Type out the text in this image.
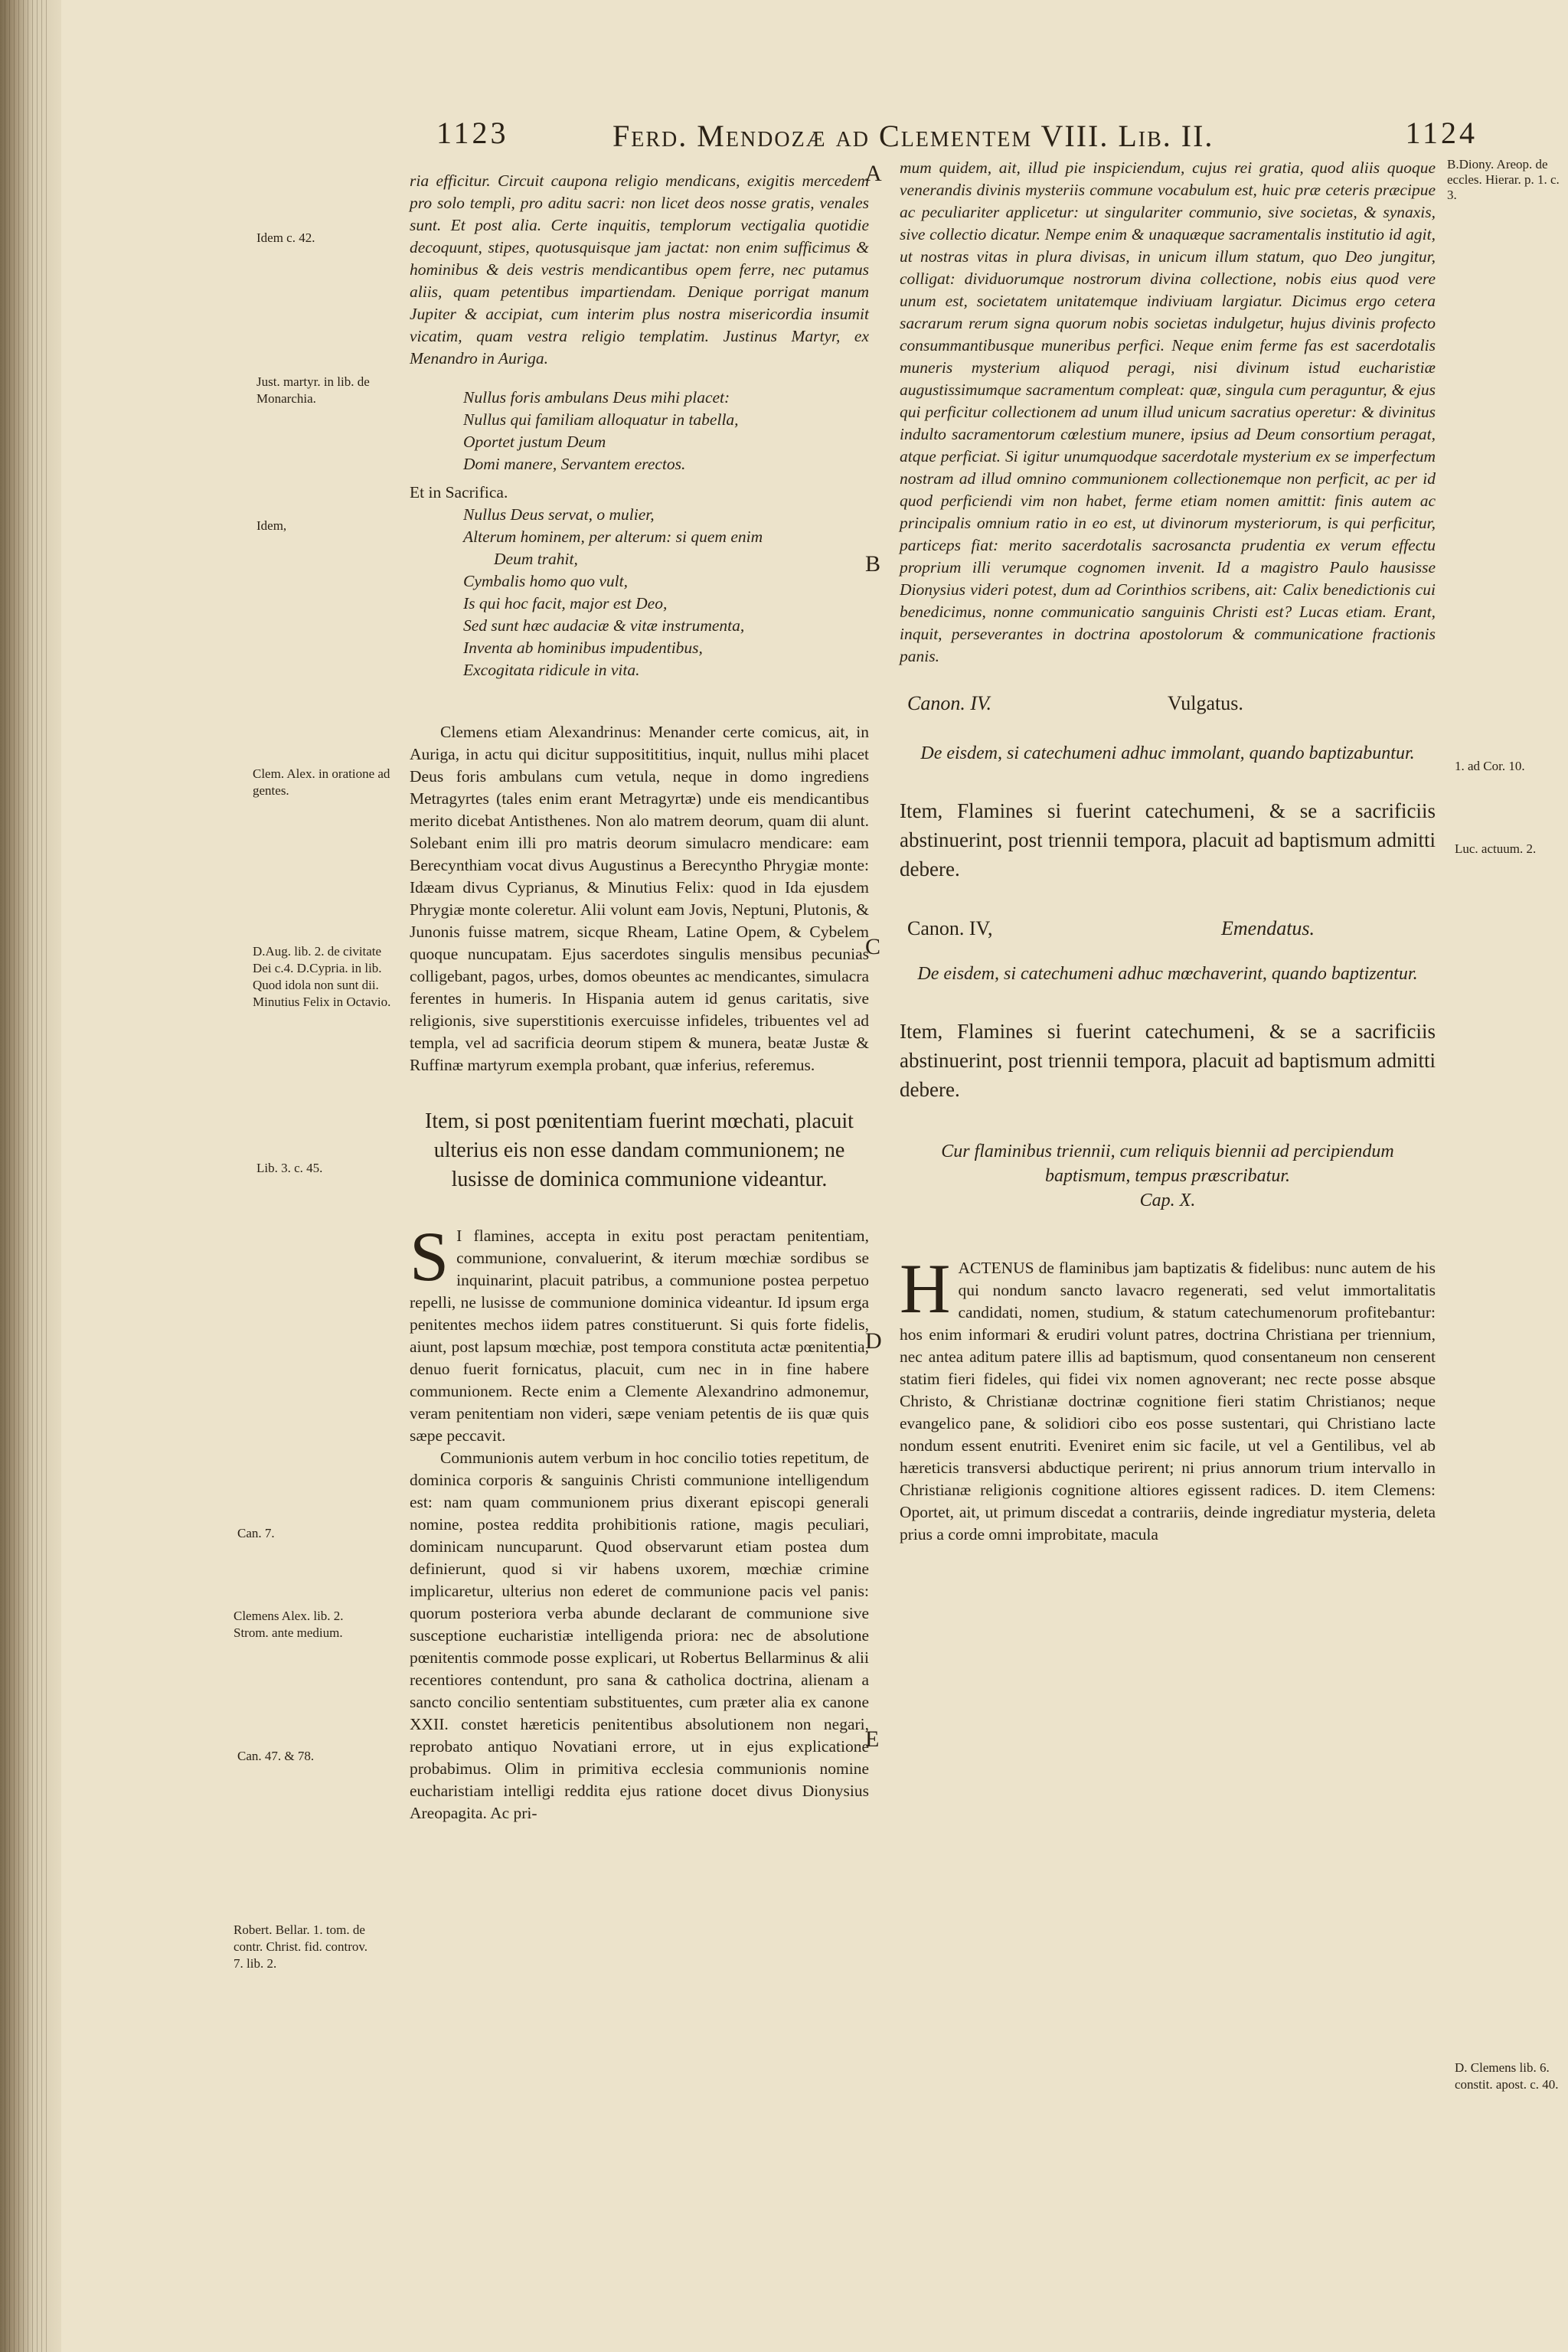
1123	Ferd. Mendozæ ad Clementem VIII. Lib. II.	1124
Idem c. 42.
Just. martyr. in lib. de Monarchia.
Idem,
Clem. Alex. in oratione ad gentes.
D.Aug. lib. 2. de civitate Dei c.4. D.Cypria. in lib. Quod idola non sunt dii. Minutius Felix in Octavio.
Lib. 3. c. 45.
Can. 7.
Clemens Alex. lib. 2. Strom. ante medium.
Can. 47. & 78.
Robert. Bellar. 1. tom. de contr. Christ. fid. controv. 7. lib. 2.
A
B
C
D
E

ria efficitur. Circuit caupona religio mendicans, exigitis mercedem pro solo templi, pro aditu sacri: non licet deos nosse gratis, venales sunt. Et post alia. Certe inquitis, templorum vectigalia quotidie decoquunt, stipes, quotusquisque jam jactat: non enim sufficimus & hominibus & deis vestris mendicantibus opem ferre, nec putamus aliis, quam petentibus impartiendam. Denique porrigat manum Jupiter & accipiat, cum interim plus nostra misericordia insumit vicatim, quam vestra religio templatim. Justinus Martyr, ex Menandro in Auriga.

Nullus foris ambulans Deus mihi placet:
Nullus qui familiam alloquatur in tabella,
Oportet justum Deum
Domi manere, Servantem erectos.

Et in Sacrifica.

Nullus Deus servat, o mulier,
Alterum hominem, per alterum: si quem enim
Deum trahit,
Cymbalis homo quo vult,
Is qui hoc facit, major est Deo,
Sed sunt hæc audaciæ & vitæ instrumenta,
Inventa ab hominibus impudentibus,
Excogitata ridicule in vita.

Clemens etiam Alexandrinus: Menander certe comicus, ait, in Auriga, in actu qui dicitur suppositititius, inquit, nullus mihi placet Deus foris ambulans cum vetula, neque in domo ingrediens Metragyrtes (tales enim erant Metragyrtæ) unde eis mendicantibus merito dicebat Antisthenes. Non alo matrem deorum, quam dii alunt. Solebant enim illi pro matris deorum simulacro mendicare: eam Berecynthiam vocat divus Augustinus a Berecyntho Phrygiæ monte: Idæam divus Cyprianus, & Minutius Felix: quod in Ida ejusdem Phrygiæ monte coleretur. Alii volunt eam Jovis, Neptuni, Plutonis, & Junonis fuisse matrem, sicque Rheam, Latine Opem, & Cybelem quoque nuncupatam. Ejus sacerdotes singulis mensibus pecunias colligebant, pagos, urbes, domos obeuntes ac mendicantes, simulacra ferentes in humeris. In Hispania autem id genus caritatis, sive religionis, sive superstitionis exercuisse infideles, tribuentes vel ad templa, vel ad sacrificia deorum stipem & munera, beatæ Justæ & Ruffinæ martyrum exempla probant, quæ inferius, referemus.

Item, si post pœnitentiam fuerint mœchati, placuit ulterius eis non esse dandam communionem; ne lusisse de dominica communione videantur.

S I flamines, accepta in exitu post peractam penitentiam, communione, convaluerint, & iterum mœchiæ sordibus se inquinarint, placuit patribus, a communione postea perpetuo repelli, ne lusisse de communione dominica videantur. Id ipsum erga penitentes mechos iidem patres constituerunt. Si quis forte fidelis, aiunt, post lapsum mœchiæ, post tempora constituta actæ pœnitentia, denuo fuerit fornicatus, placuit, cum nec in in fine habere communionem. Recte enim a Clemente Alexandrino admonemur, veram penitentiam non videri, sæpe veniam petentis de iis quæ quis sæpe peccavit.

Communionis autem verbum in hoc concilio toties repetitum, de dominica corporis & sanguinis Christi communione intelligendum est: nam quam communionem prius dixerant episcopi generali nomine, postea reddita prohibitionis ratione, magis peculiari, dominicam nuncuparunt. Quod observarunt etiam postea dum definierunt, quod si vir habens uxorem, mœchiæ crimine implicaretur, ulterius non ederet de communione pacis vel panis: quorum posteriora verba abunde declarant de communione sive susceptione eucharistiæ intelligenda priora: nec de absolutione pœnitentis commode posse explicari, ut Robertus Bellarminus & alii recentiores contendunt, pro sana & catholica doctrina, alienam a sancto concilio sententiam substituentes, cum præter alia ex canone XXII. constet hæreticis penitentibus absolutionem non negari, reprobato antiquo Novatiani errore, ut in ejus explicatione probabimus. Olim in primitiva ecclesia communionis nomine eucharistiam intelligi reddita ejus ratione docet divus Dionysius Areopagita. Ac pri-

B.Diony. Areop. de eccles. Hierar. p. 1. c. 3.
1. ad Cor. 10.
Luc. actuum. 2.
D. Clemens lib. 6. constit. apost. c. 40.

mum quidem, ait, illud pie inspiciendum, cujus rei gratia, quod aliis quoque venerandis divinis mysteriis commune vocabulum est, huic præ ceteris præcipue ac peculiariter applicetur: ut singulariter communio, sive societas, & synaxis, sive collectio dicatur. Nempe enim & unaquæque sacramentalis institutio id agit, ut nostras vitas in plura divisas, in unicum illum statum, quo Deo jungitur, colligat: dividuorumque nostrorum divina collectione, nobis eius quod vere unum est, societatem unitatemque indiviuam largiatur. Dicimus ergo cetera sacrarum rerum signa quorum nobis societas indulgetur, hujus divinis profecto consummantibusque muneribus perfici. Neque enim ferme fas est sacerdotalis muneris mysterium aliquod peragi, nisi divinum istud eucharistiæ augustissimumque sacramentum compleat: quæ, singula cum peraguntur, & ejus qui perficitur collectionem ad unum illud unicum sacratius operetur: & divinitus indulto sacramentorum cœlestium munere, ipsius ad Deum consortium peragat, atque perficiat. Si igitur unumquodque sacerdotale mysterium ex se imperfectum nostram ad illud omnino communionem collectionemque non perficit, ac per id quod perficiendi vim non habet, ferme etiam nomen amittit: finis autem ac principalis omnium ratio in eo est, ut divinorum mysteriorum, is qui perficitur, particeps fiat: merito sacerdotalis sacrosancta prudentia ex verum effectu proprium illi verumque cognomen invenit. Id a magistro Paulo hausisse Dionysius videri potest, dum ad Corinthios scribens, ait: Calix benedictionis cui benedicimus, nonne communicatio sanguinis Christi est? Lucas etiam. Erant, inquit, perseverantes in doctrina apostolorum & communicatione fractionis panis.

Canon. IV.	Vulgatus.
De eisdem, si catechumeni adhuc immolant, quando baptizabuntur.
Item, Flamines si fuerint catechumeni, & se a sacrificiis abstinuerint, post triennii tempora, placuit ad baptismum admitti debere.
Canon. IV,	Emendatus.
De eisdem, si catechumeni adhuc mœchaverint, quando baptizentur.
Item, Flamines si fuerint catechumeni, & se a sacrificiis abstinuerint, post triennii tempora, placuit ad baptismum admitti debere.
Cur flaminibus triennii, cum reliquis biennii ad percipiendum baptismum, tempus præscribatur.
Cap. X.

HACTENUS de flaminibus jam baptizatis & fidelibus: nunc autem de his qui nondum sancto lavacro regenerati, sed velut immortalitatis candidati, nomen, studium, & statum catechumenorum profitebantur: hos enim informari & erudiri volunt patres, doctrina Christiana per triennium, nec antea aditum patere illis ad baptismum, quod consentaneum non censerent statim fieri fideles, qui fidei vix nomen agnoverant; nec recte posse absque Christo, & Christianæ doctrinæ cognitione fieri statim Christianos; neque evangelico pane, & solidiori cibo eos posse sustentari, qui Christiano lacte nondum essent enutriti. Eveniret enim sic facile, ut vel a Gentilibus, vel ab hæreticis transversi abductique perirent; ni prius annorum trium intervallo in Christianæ religionis cognitione altiores egissent radices. D. item Clemens: Oportet, ait, ut primum discedat a contrariis, deinde ingrediatur mysteria, deleta prius a corde omni improbitate, macula
